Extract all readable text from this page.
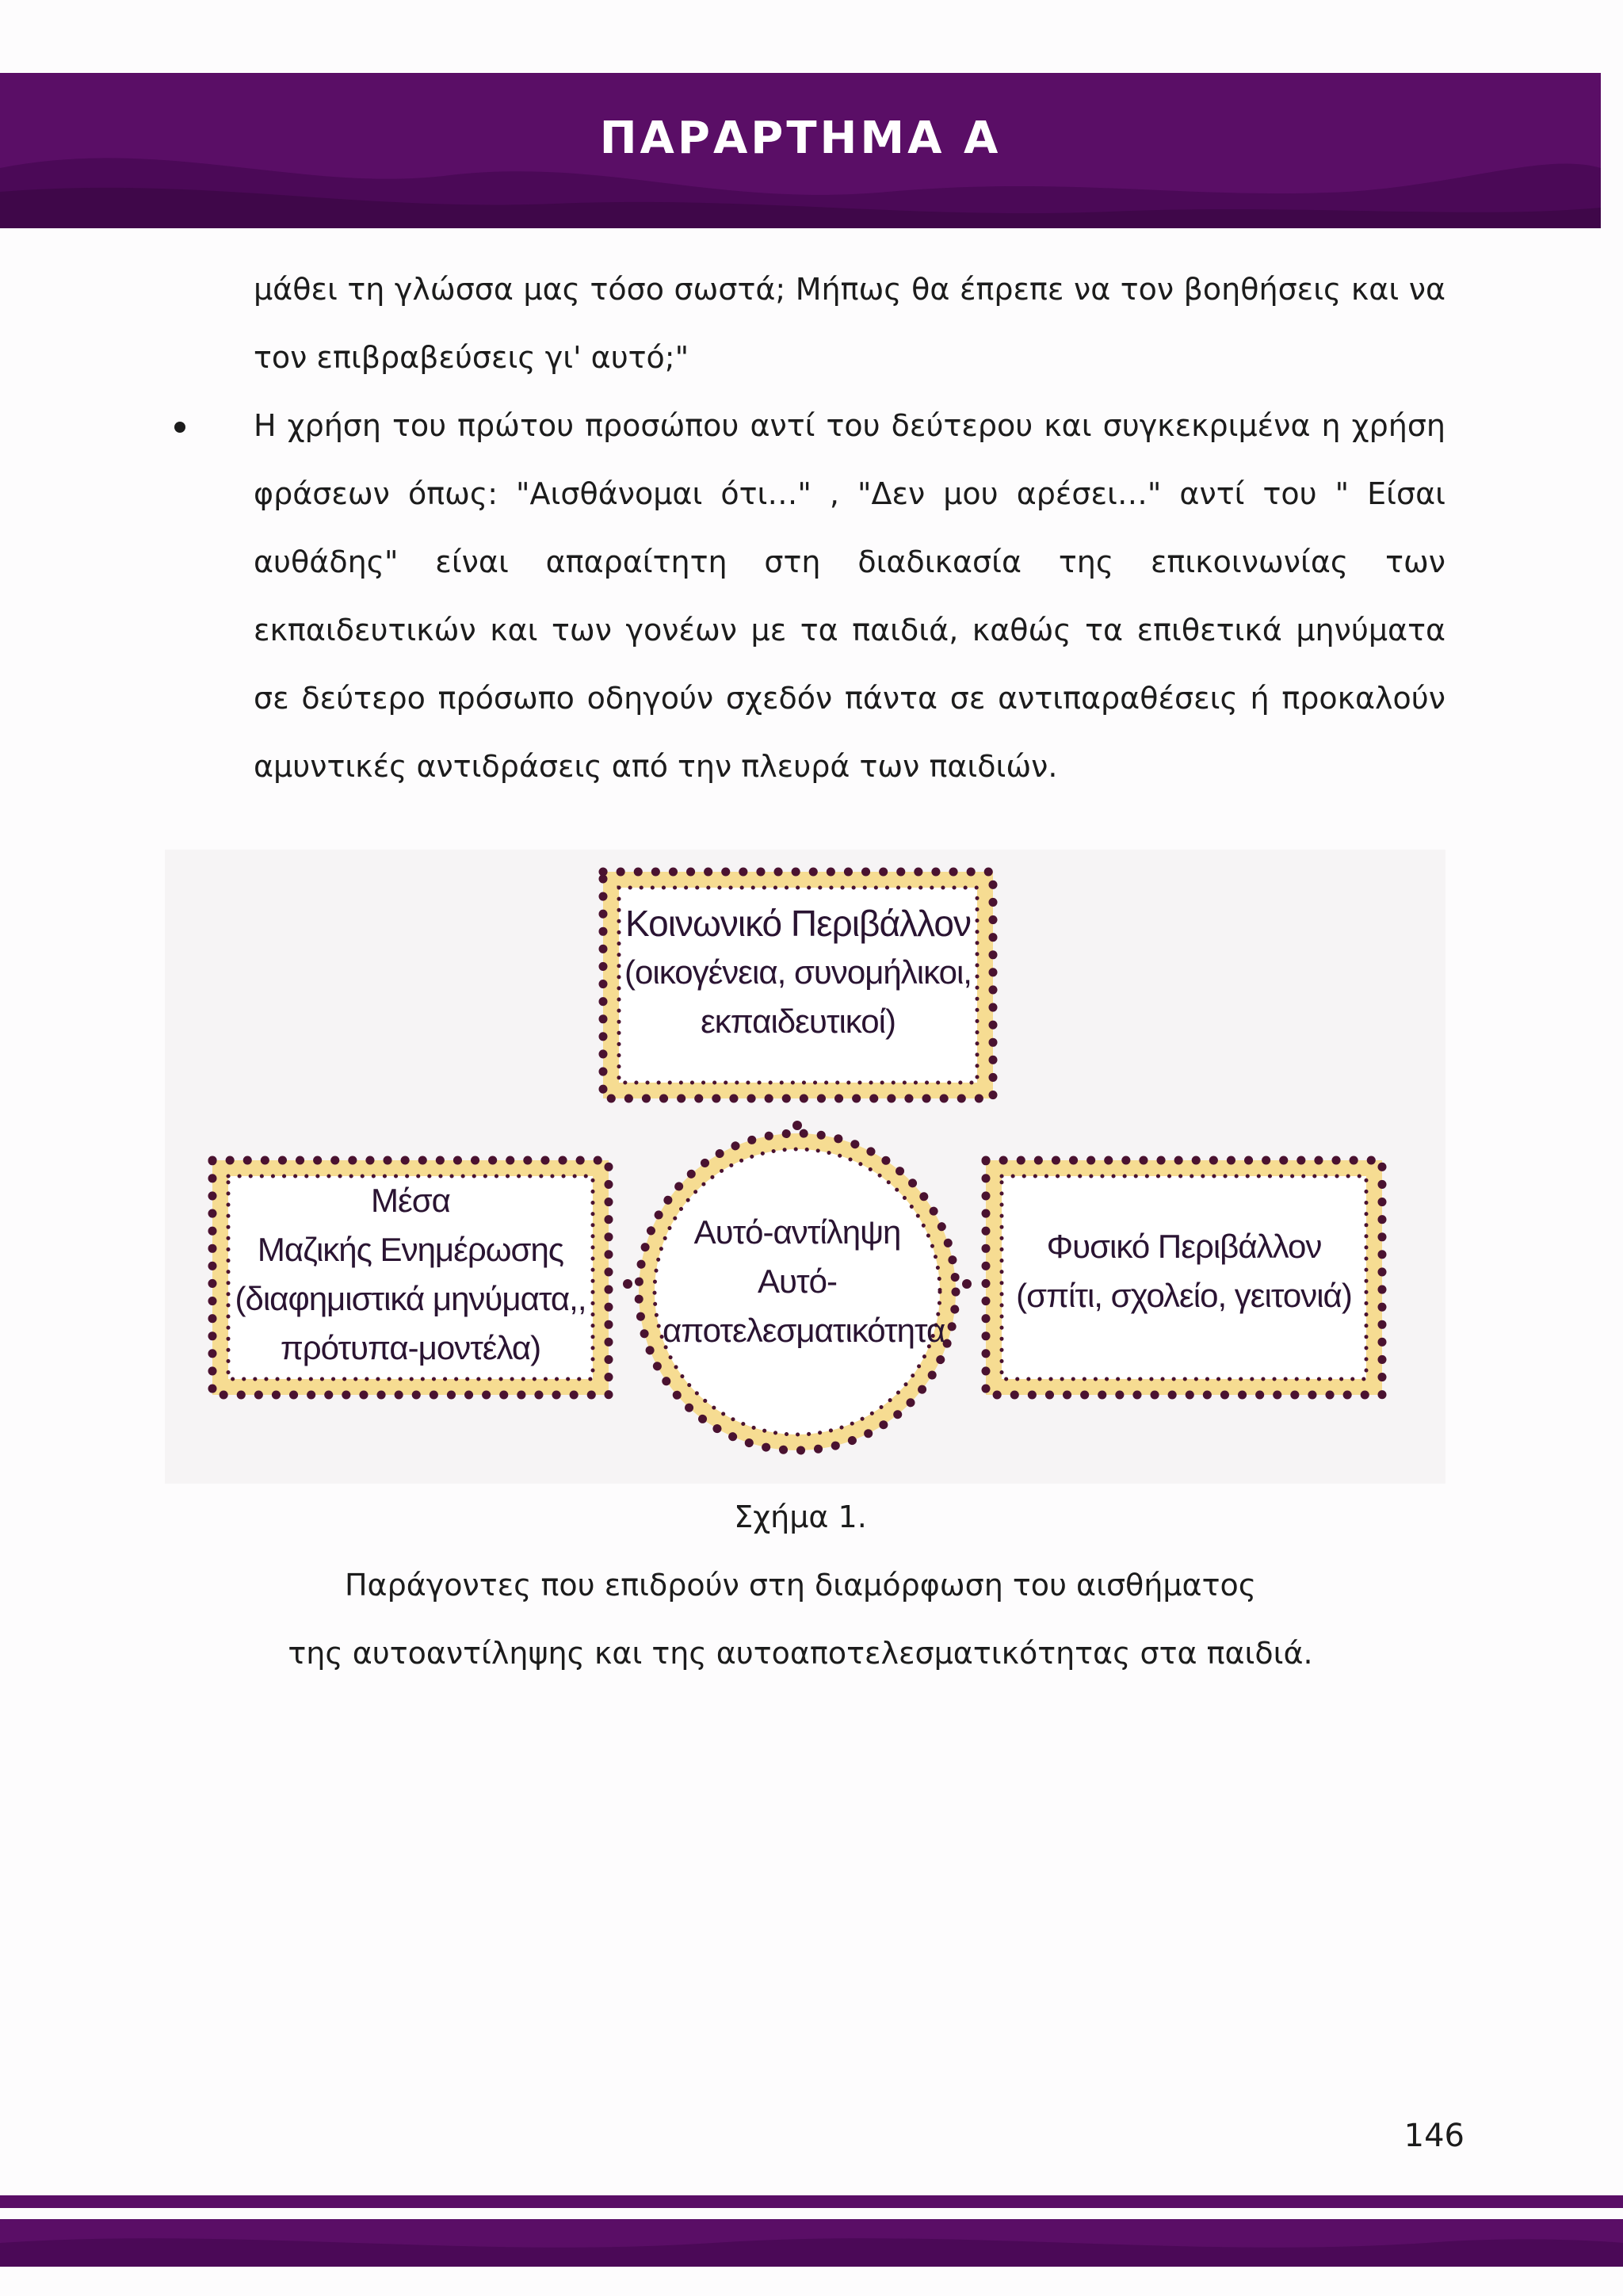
ΠΑΡΑΡΤΗΜΑ Α
μάθει τη γλώσσα μας τόσο σωστά; Μήπως θα έπρεπε να τον βοηθήσεις και να τον επιβραβεύσεις γι' αυτό;"
Η χρήση του πρώτου προσώπου αντί του δεύτερου και συγκεκριμένα η χρήση φράσεων όπως: "Αισθάνομαι ότι…" , "Δεν μου αρέσει…" αντί του " Είσαι αυθάδης" είναι απαραίτητη στη διαδικασία της επικοινωνίας των εκπαιδευτικών και των γονέων με τα παιδιά, καθώς τα επιθετικά μηνύματα σε δεύτερο πρόσωπο οδηγούν σχεδόν πάντα σε αντιπαραθέσεις ή προκαλούν αμυντικές αντιδράσεις από την πλευρά των παιδιών.
Κοινωνικό Περιβάλλον
(οικογένεια, συνομήλικοι,
εκπαιδευτικοί)
Μέσα
Μαζικής Ενημέρωσης
(διαφημιστικά μηνύματα,,
πρότυπα-μοντέλα)
Αυτό-αντίληψη
Αυτό-
αποτελεσματικότητα
Φυσικό Περιβάλλον
(σπίτι, σχολείο, γειτονιά)
Σχήμα 1.
Παράγοντες που επιδρούν στη διαμόρφωση του αισθήματος
της αυτοαντίληψης και της αυτοαποτελεσματικότητας στα παιδιά.
146
